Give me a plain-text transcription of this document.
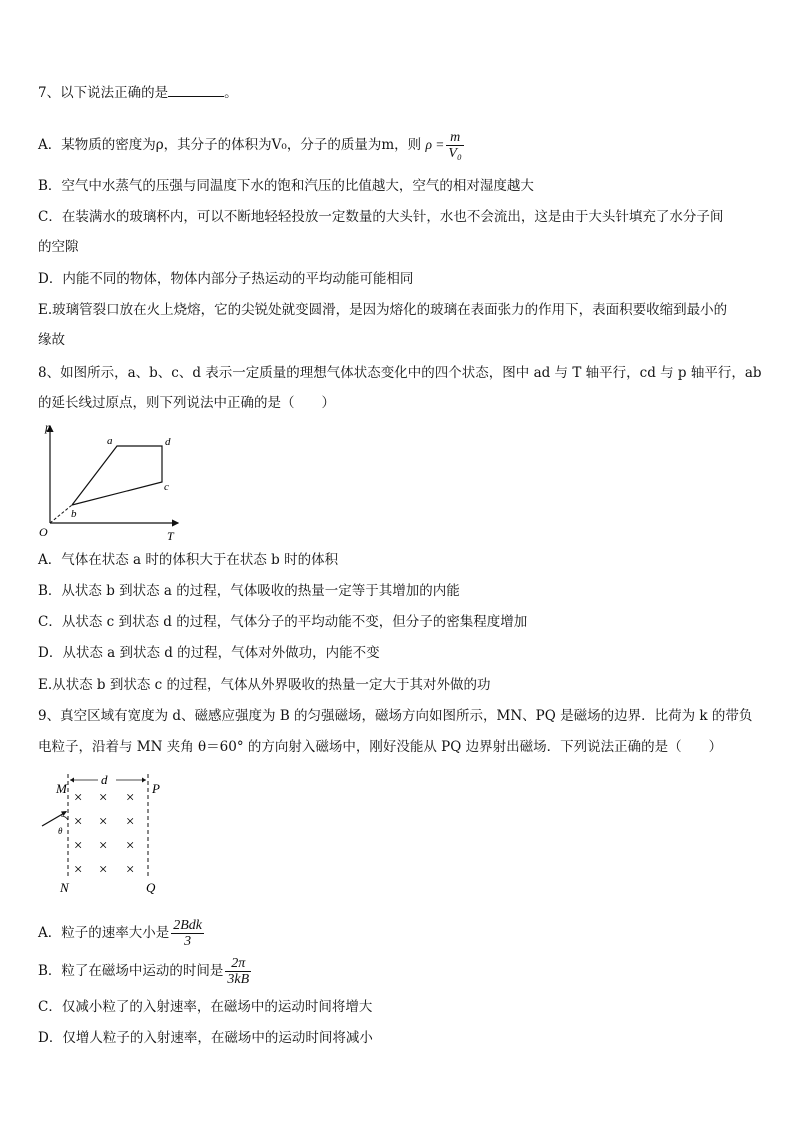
7、以下说法正确的是	。
A．某物质的密度为ρ，其分子的体积为V₀，分子的质量为m，则 $\rho = \frac{m}{\text{V₀}}$
B．空气中水蒸气的压强与同温度下水的饱和汽压的比值越大，空气的相对湿度越大
C．在装满水的玻璃杯内，可以不断地轻轻投放一定数量的大头针，水也不会流出，这是由于大头针填充了水分子间
的空隙
D．内能不同的物体，物体内部分子热运动的平均动能可能相同
E.玻璃管裂口放在火上烧熔，它的尖锐处就变圆滑，是因为熔化的玻璃在表面张力的作用下，表面积要收缩到最小的
缘故
8、如图所示，a、b、c、d 表示一定质量的理想气体状态变化中的四个状态，图中 ad 与 T 轴平行，cd 与 p 轴平行，ab
的延长线过原点，则下列说法中正确的是（　　）
p
T
O
a	d
c
b
A．气体在状态 a 时的体积大于在状态 b 时的体积
B．从状态 b 到状态 a 的过程，气体吸收的热量一定等于其增加的内能
C．从状态 c 到状态 d 的过程，气体分子的平均动能不变，但分子的密集程度增加
D．从状态 a 到状态 d 的过程，气体对外做功，内能不变
E.从状态 b 到状态 c 的过程，气体从外界吸收的热量一定大于其对外做的功
9、真空区域有宽度为 d、磁感应强度为 B 的匀强磁场，磁场方向如图所示，MN、PQ 是磁场的边界．比荷为 k 的带负
电粒子，沿着与 MN 夹角 θ＝60° 的方向射入磁场中，刚好没能从 PQ 边界射出磁场．下列说法正确的是（　　）
d
M	P
N	Q
× × ×
× × ×
× × ×
× × ×
θ
A．粒子的速率大小是 $\frac{\text{2Bdk}}{3}$
B．粒了在磁场中运动的时间是 $\frac{2\pi}{3kB}$
C．仅减小粒了的入射速率，在磁场中的运动时间将增大
D．仅增人粒子的入射速率，在磁场中的运动时间将减小
